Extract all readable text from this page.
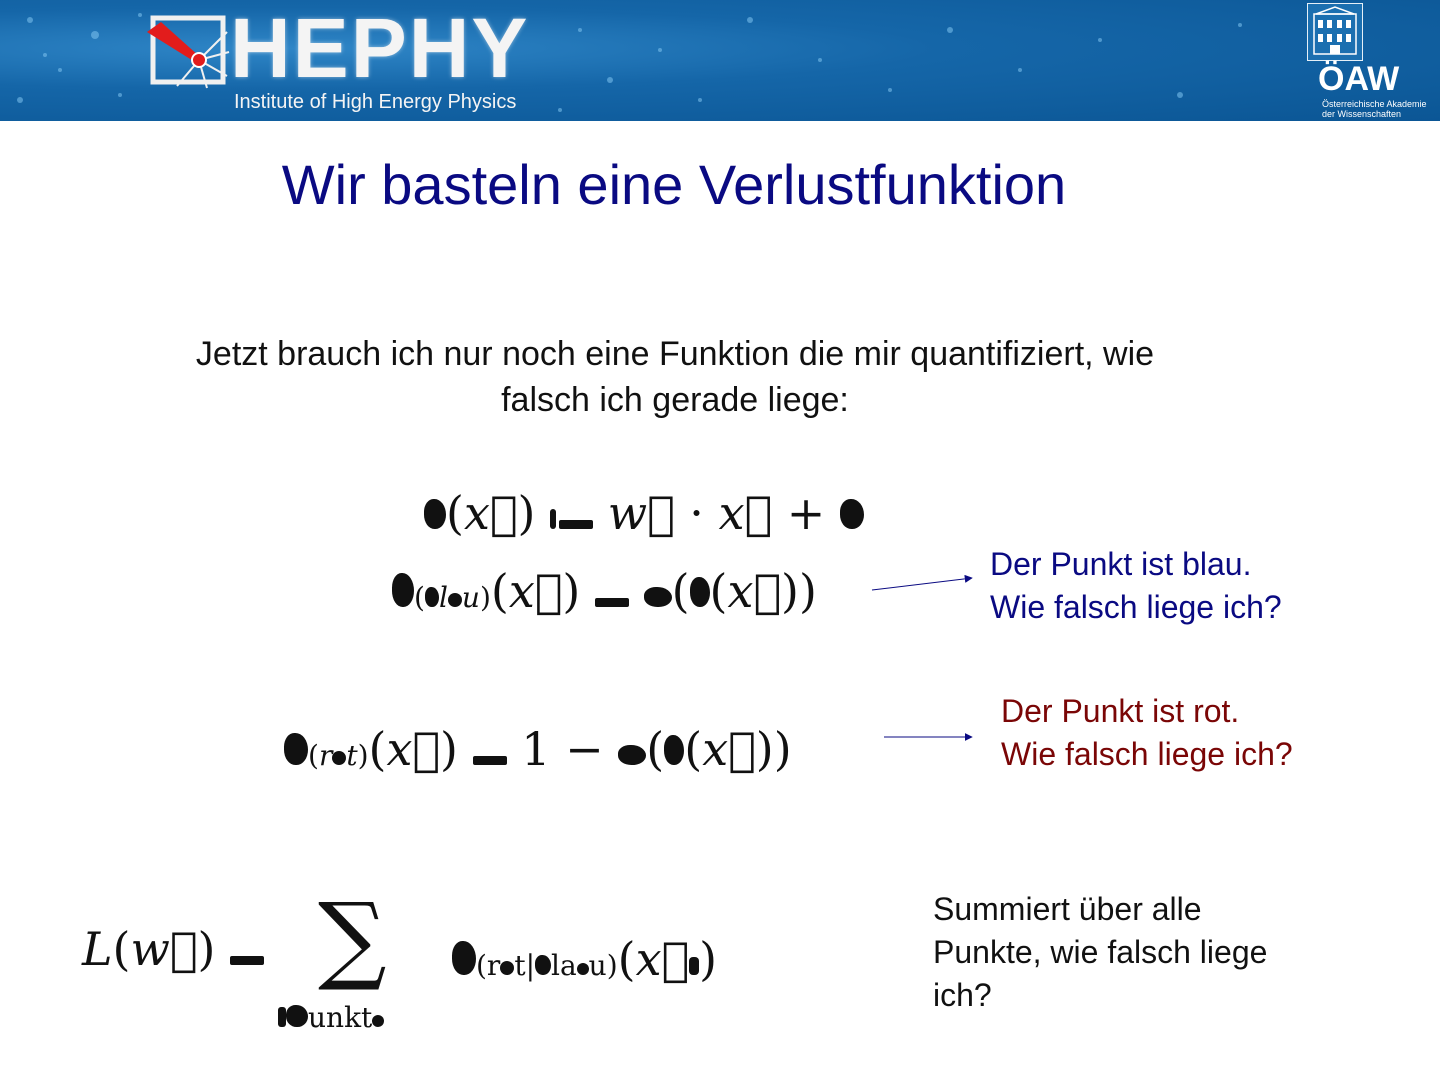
HEPHY
Institute of High Energy Physics
ÖAW
Österreichische Akademie
der Wissenschaften
Wir basteln eine Verlustfunktion
Jetzt brauch ich nur noch eine Funktion die mir quantifiziert, wie
falsch ich gerade liege:
(x⃗)  w⃗ · x⃗ +
( l u)(x⃗)  ( (x⃗))
(r t)(x⃗)  1 − ( (x⃗))
L(w⃗) ∑
unkt
(r t| la u)(x⃗ )
Der Punkt ist blau.
Wie falsch liege ich?
Der Punkt ist rot.
Wie falsch liege ich?
Summiert über alle
Punkte, wie falsch liege
ich?
